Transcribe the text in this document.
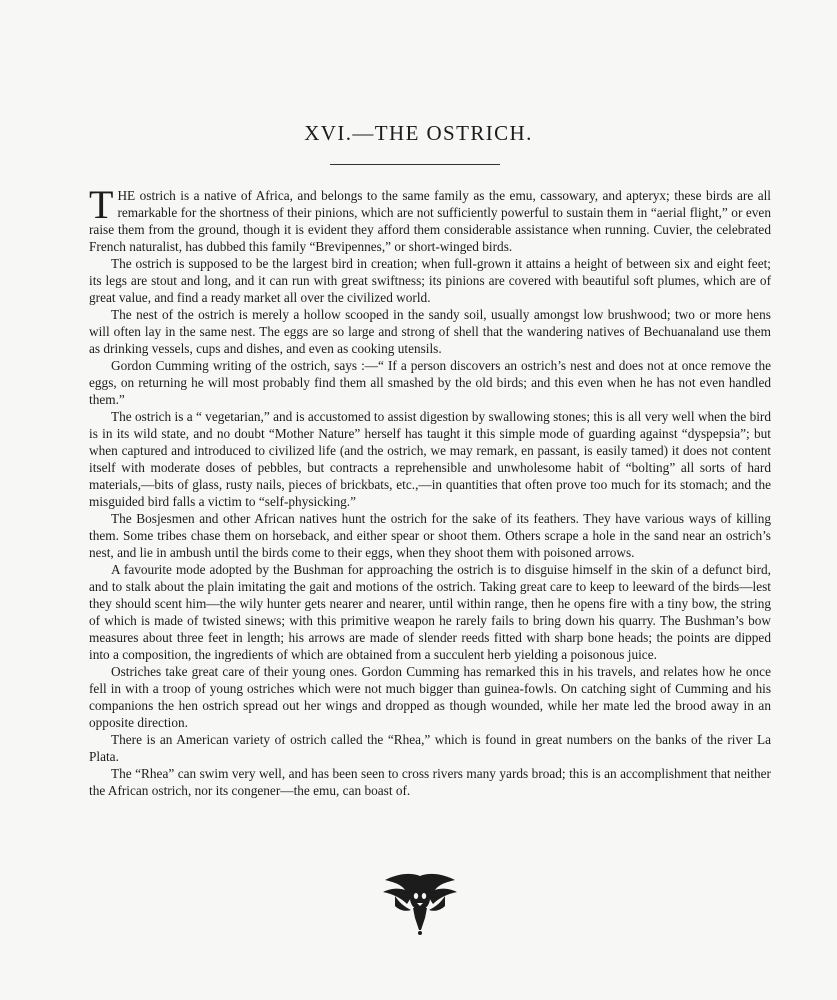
XVI.—THE OSTRICH.

THE ostrich is a native of Africa, and belongs to the same family as the emu, cassowary, and apteryx; these birds are all remarkable for the shortness of their pinions, which are not sufficiently powerful to sustain them in “aerial flight,” or even raise them from the ground, though it is evident they afford them considerable assistance when running. Cuvier, the celebrated French naturalist, has dubbed this family “Brevipennes,” or short-winged birds.

The ostrich is supposed to be the largest bird in creation; when full-grown it attains a height of between six and eight feet; its legs are stout and long, and it can run with great swiftness; its pinions are covered with beautiful soft plumes, which are of great value, and find a ready market all over the civilized world.

The nest of the ostrich is merely a hollow scooped in the sandy soil, usually amongst low brushwood; two or more hens will often lay in the same nest. The eggs are so large and strong of shell that the wandering natives of Bechuanaland use them as drinking vessels, cups and dishes, and even as cooking utensils.

Gordon Cumming writing of the ostrich, says :—“ If a person discovers an ostrich’s nest and does not at once remove the eggs, on returning he will most probably find them all smashed by the old birds; and this even when he has not even handled them.”

The ostrich is a “ vegetarian,” and is accustomed to assist digestion by swallowing stones; this is all very well when the bird is in its wild state, and no doubt “Mother Nature” herself has taught it this simple mode of guarding against “dyspepsia”; but when captured and introduced to civilized life (and the ostrich, we may remark, en passant, is easily tamed) it does not content itself with moderate doses of pebbles, but contracts a reprehensible and unwholesome habit of “bolting” all sorts of hard materials,—bits of glass, rusty nails, pieces of brickbats, etc.,—in quantities that often prove too much for its stomach; and the misguided bird falls a victim to “self-physicking.”

The Bosjesmen and other African natives hunt the ostrich for the sake of its feathers. They have various ways of killing them. Some tribes chase them on horseback, and either spear or shoot them. Others scrape a hole in the sand near an ostrich’s nest, and lie in ambush until the birds come to their eggs, when they shoot them with poisoned arrows.

A favourite mode adopted by the Bushman for approaching the ostrich is to disguise himself in the skin of a defunct bird, and to stalk about the plain imitating the gait and motions of the ostrich. Taking great care to keep to leeward of the birds—lest they should scent him—the wily hunter gets nearer and nearer, until within range, then he opens fire with a tiny bow, the string of which is made of twisted sinews; with this primitive weapon he rarely fails to bring down his quarry. The Bushman’s bow measures about three feet in length; his arrows are made of slender reeds fitted with sharp bone heads; the points are dipped into a composition, the ingredients of which are obtained from a succulent herb yielding a poisonous juice.

Ostriches take great care of their young ones. Gordon Cumming has remarked this in his travels, and relates how he once fell in with a troop of young ostriches which were not much bigger than guinea-fowls. On catching sight of Cumming and his companions the hen ostrich spread out her wings and dropped as though wounded, while her mate led the brood away in an opposite direction.

There is an American variety of ostrich called the “Rhea,” which is found in great numbers on the banks of the river La Plata.

The “Rhea” can swim very well, and has been seen to cross rivers many yards broad; this is an accomplishment that neither the African ostrich, nor its congener—the emu, can boast of.
